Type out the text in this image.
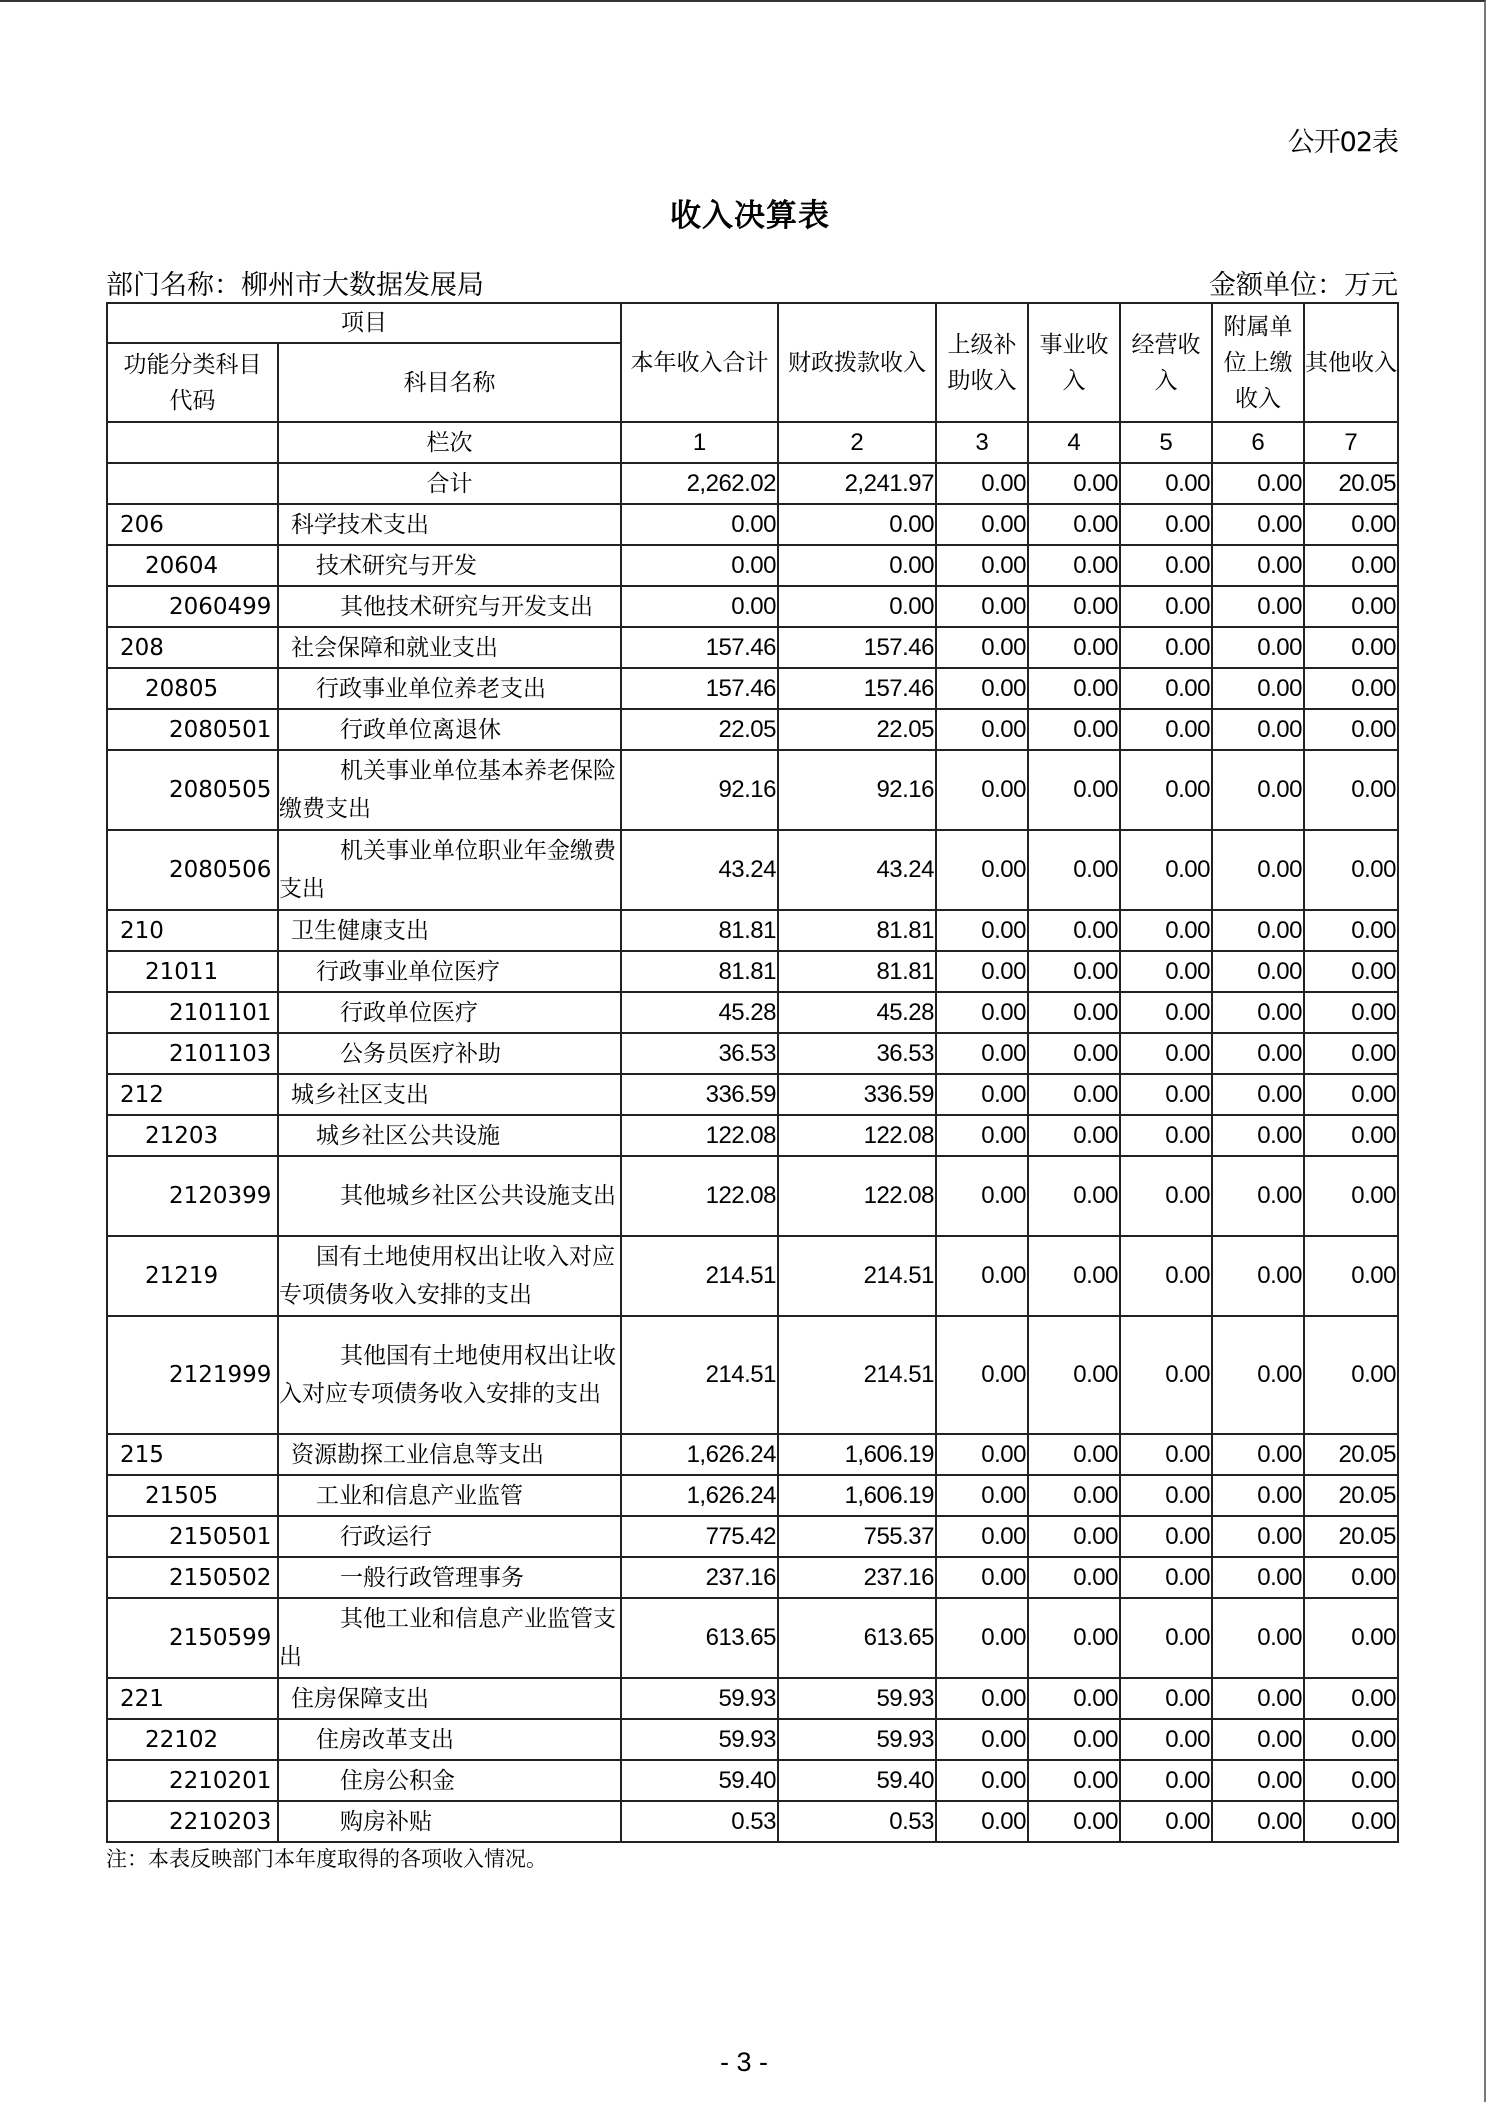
公开02表
收入决算表
部门名称：柳州市大数据发展局	金额单位：万元
项目		本年收入合计	财政拨款收入	上级补助收入	事业收入	经营收入	附属单位上缴收入	其他收入
功能分类科目代码	科目名称							
	栏次	1	2	3	4	5	6	7
	合计	2,262.02	2,241.97	0.00	0.00	0.00	0.00	20.05
206	科学技术支出	0.00	0.00	0.00	0.00	0.00	0.00	0.00
20604	技术研究与开发	0.00	0.00	0.00	0.00	0.00	0.00	0.00
2060499	其他技术研究与开发支出	0.00	0.00	0.00	0.00	0.00	0.00	0.00
208	社会保障和就业支出	157.46	157.46	0.00	0.00	0.00	0.00	0.00
20805	行政事业单位养老支出	157.46	157.46	0.00	0.00	0.00	0.00	0.00
2080501	行政单位离退休	22.05	22.05	0.00	0.00	0.00	0.00	0.00
2080505	机关事业单位基本养老保险缴费支出	92.16	92.16	0.00	0.00	0.00	0.00	0.00
2080506	机关事业单位职业年金缴费支出	43.24	43.24	0.00	0.00	0.00	0.00	0.00
210	卫生健康支出	81.81	81.81	0.00	0.00	0.00	0.00	0.00
21011	行政事业单位医疗	81.81	81.81	0.00	0.00	0.00	0.00	0.00
2101101	行政单位医疗	45.28	45.28	0.00	0.00	0.00	0.00	0.00
2101103	公务员医疗补助	36.53	36.53	0.00	0.00	0.00	0.00	0.00
212	城乡社区支出	336.59	336.59	0.00	0.00	0.00	0.00	0.00
21203	城乡社区公共设施	122.08	122.08	0.00	0.00	0.00	0.00	0.00
2120399	其他城乡社区公共设施支出	122.08	122.08	0.00	0.00	0.00	0.00	0.00
21219	国有土地使用权出让收入对应专项债务收入安排的支出	214.51	214.51	0.00	0.00	0.00	0.00	0.00
2121999	其他国有土地使用权出让收入对应专项债务收入安排的支出	214.51	214.51	0.00	0.00	0.00	0.00	0.00
215	资源勘探工业信息等支出	1,626.24	1,606.19	0.00	0.00	0.00	0.00	20.05
21505	工业和信息产业监管	1,626.24	1,606.19	0.00	0.00	0.00	0.00	20.05
2150501	行政运行	775.42	755.37	0.00	0.00	0.00	0.00	20.05
2150502	一般行政管理事务	237.16	237.16	0.00	0.00	0.00	0.00	0.00
2150599	其他工业和信息产业监管支出	613.65	613.65	0.00	0.00	0.00	0.00	0.00
221	住房保障支出	59.93	59.93	0.00	0.00	0.00	0.00	0.00
22102	住房改革支出	59.93	59.93	0.00	0.00	0.00	0.00	0.00
2210201	住房公积金	59.40	59.40	0.00	0.00	0.00	0.00	0.00
2210203	购房补贴	0.53	0.53	0.00	0.00	0.00	0.00	0.00
注：本表反映部门本年度取得的各项收入情况。
- 3 -
